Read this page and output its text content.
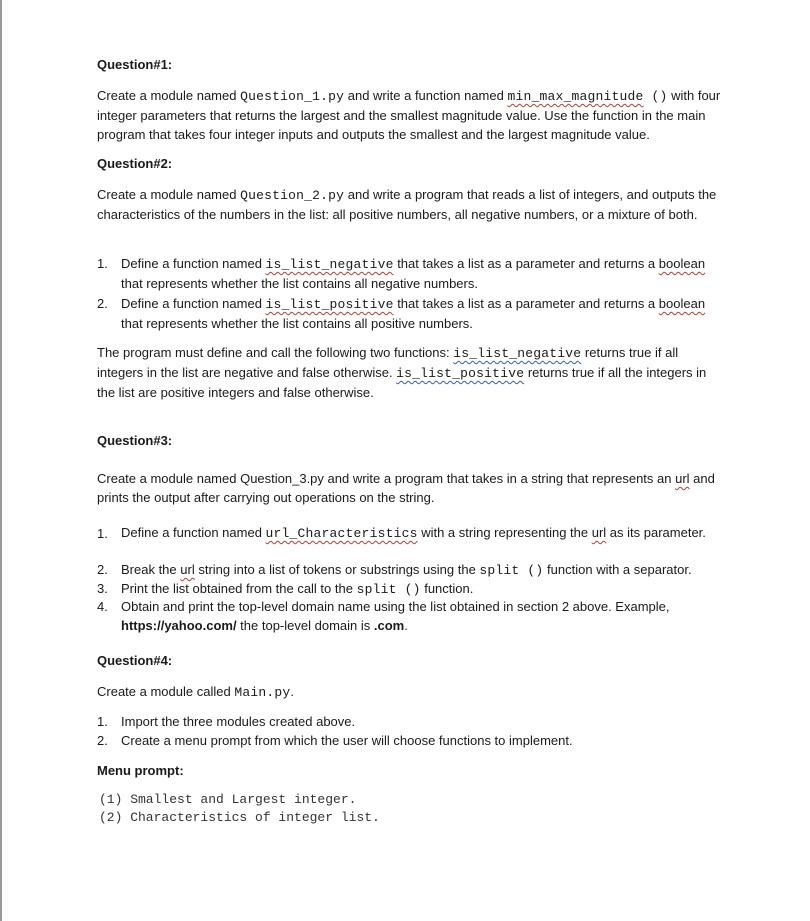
Question#1:
Create a module named Question_1.py and write a function named min_max_magnitude () with four integer parameters that returns the largest and the smallest magnitude value. Use the function in the main program that takes four integer inputs and outputs the smallest and the largest magnitude value.
Question#2:
Create a module named Question_2.py and write a program that reads a list of integers, and outputs the characteristics of the numbers in the list: all positive numbers, all negative numbers, or a mixture of both.
1.	Define a function named is_list_negative that takes a list as a parameter and returns a boolean that represents whether the list contains all negative numbers.
2.	Define a function named is_list_positive that takes a list as a parameter and returns a boolean that represents whether the list contains all positive numbers.
The program must define and call the following two functions: is_list_negative returns true if all integers in the list are negative and false otherwise. is_list_positive returns true if all the integers in the list are positive integers and false otherwise.
Question#3:
Create a module named Question_3.py and write a program that takes in a string that represents an url and prints the output after carrying out operations on the string.
1.	Define a function named url_Characteristics with a string representing the url as its parameter.
2.	Break the url string into a list of tokens or substrings using the split () function with a separator.
3.	Print the list obtained from the call to the split () function.
4.	Obtain and print the top-level domain name using the list obtained in section 2 above. Example, https://yahoo.com/ the top-level domain is .com.
Question#4:
Create a module called Main.py.
1.	Import the three modules created above.
2.	Create a menu prompt from which the user will choose functions to implement.
Menu prompt:
(1) Smallest and Largest integer.
(2) Characteristics of integer list.
